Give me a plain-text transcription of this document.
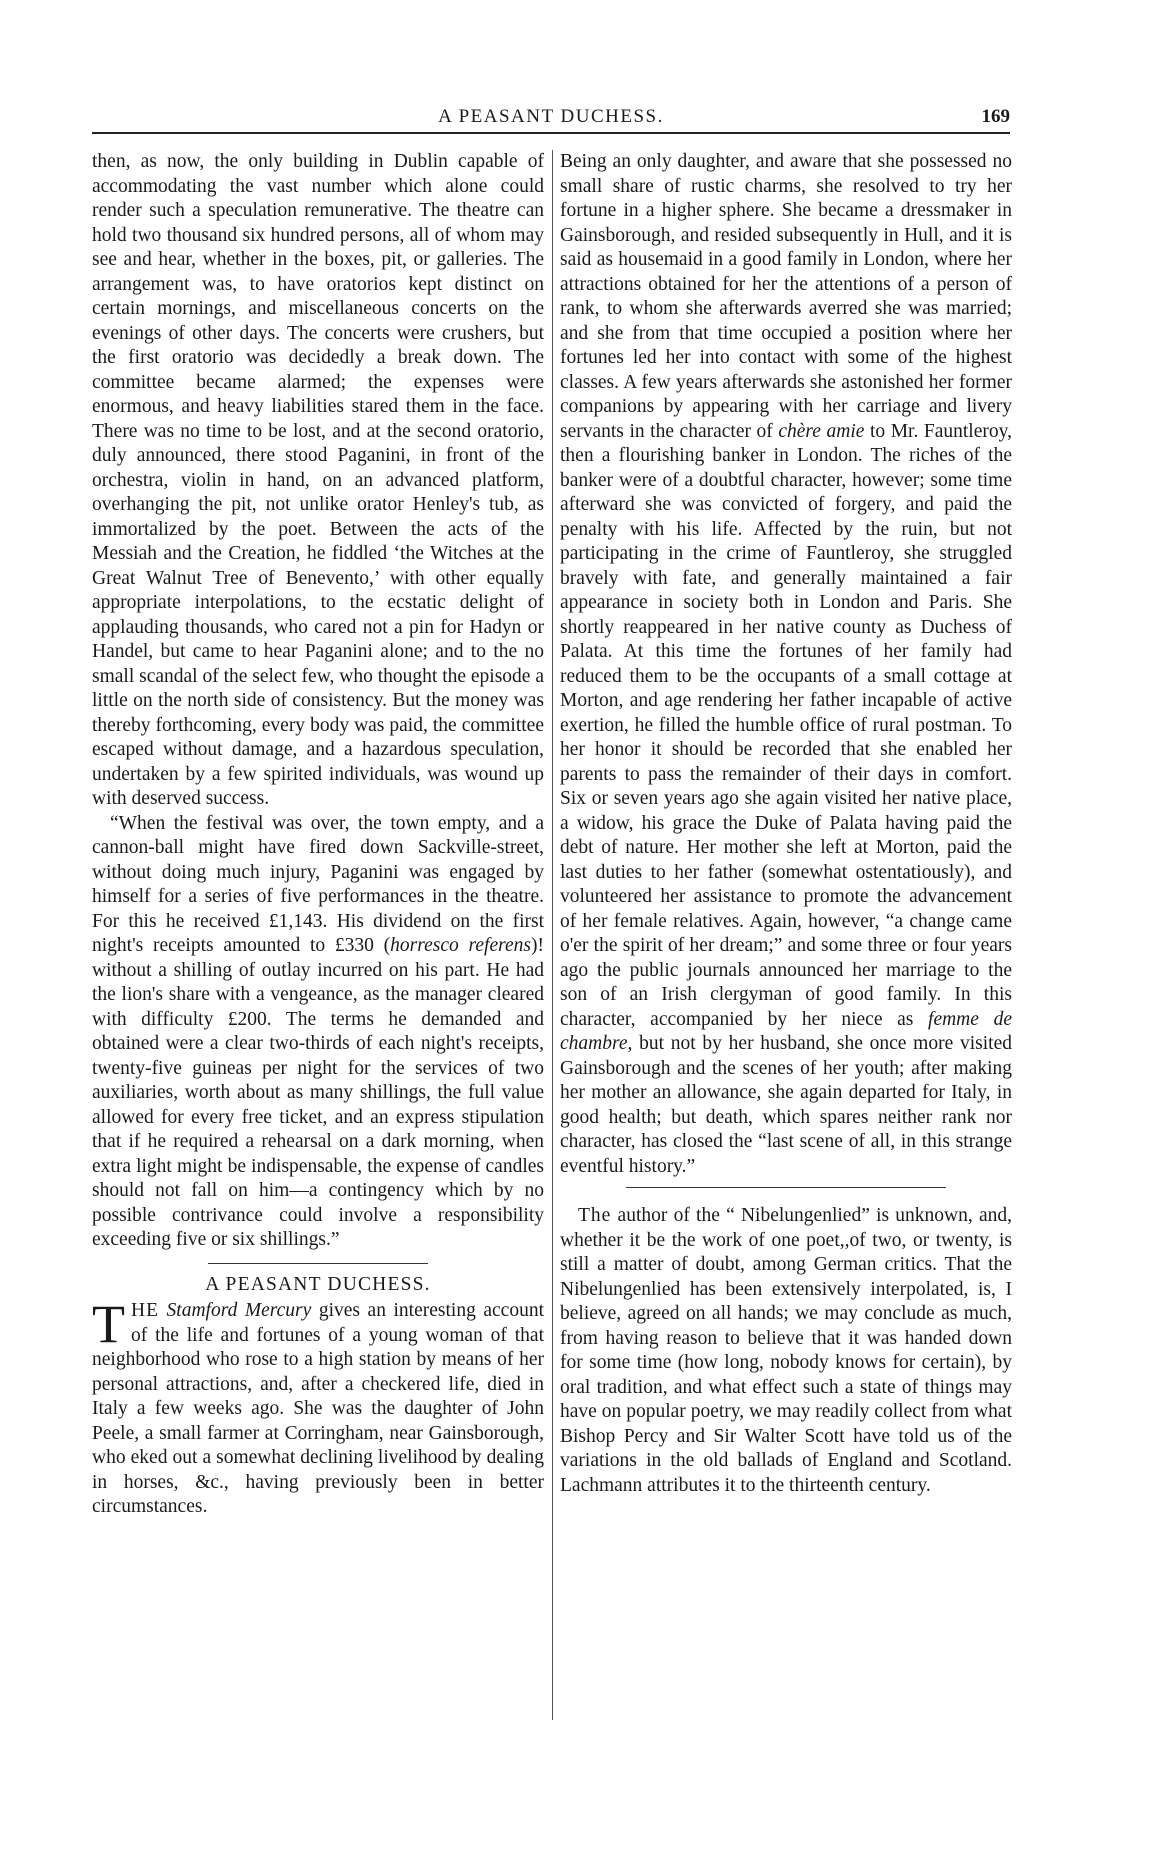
A PEASANT DUCHESS.	169

then, as now, the only building in Dublin capable of accommodating the vast number which alone could render such a speculation remunerative. The theatre can hold two thousand six hundred persons, all of whom may see and hear, whether in the boxes, pit, or galleries. The arrangement was, to have oratorios kept distinct on certain mornings, and miscellaneous concerts on the evenings of other days. The concerts were crushers, but the first oratorio was decidedly a break down. The committee became alarmed; the expenses were enormous, and heavy liabilities stared them in the face. There was no time to be lost, and at the second oratorio, duly announced, there stood Paganini, in front of the orchestra, violin in hand, on an advanced platform, overhanging the pit, not unlike orator Henley's tub, as immortalized by the poet. Between the acts of the Messiah and the Creation, he fiddled ‘the Witches at the Great Walnut Tree of Benevento,’ with other equally appropriate interpolations, to the ecstatic delight of applauding thousands, who cared not a pin for Hadyn or Handel, but came to hear Paganini alone; and to the no small scandal of the select few, who thought the episode a little on the north side of consistency. But the money was thereby forthcoming, every body was paid, the committee escaped without damage, and a hazardous speculation, undertaken by a few spirited individuals, was wound up with deserved success.

“When the festival was over, the town empty, and a cannon-ball might have fired down Sackville-street, without doing much injury, Paganini was engaged by himself for a series of five performances in the theatre. For this he received £1,143. His dividend on the first night's receipts amounted to £330 (horresco referens)! without a shilling of outlay incurred on his part. He had the lion's share with a vengeance, as the manager cleared with difficulty £200. The terms he demanded and obtained were a clear two-thirds of each night's receipts, twenty-five guineas per night for the services of two auxiliaries, worth about as many shillings, the full value allowed for every free ticket, and an express stipulation that if he required a rehearsal on a dark morning, when extra light might be indispensable, the expense of candles should not fall on him—a contingency which by no possible contrivance could involve a responsibility exceeding five or six shillings.”

A PEASANT DUCHESS.

THE Stamford Mercury gives an interesting account of the life and fortunes of a young woman of that neighborhood who rose to a high station by means of her personal attractions, and, after a checkered life, died in Italy a few weeks ago. She was the daughter of John Peele, a small farmer at Corringham, near Gainsborough, who eked out a somewhat declining livelihood by dealing in horses, &c., having previously been in better circumstances.

Being an only daughter, and aware that she possessed no small share of rustic charms, she resolved to try her fortune in a higher sphere. She became a dressmaker in Gainsborough, and resided subsequently in Hull, and it is said as housemaid in a good family in London, where her attractions obtained for her the attentions of a person of rank, to whom she afterwards averred she was married; and she from that time occupied a position where her fortunes led her into contact with some of the highest classes. A few years afterwards she astonished her former companions by appearing with her carriage and livery servants in the character of chère amie to Mr. Fauntleroy, then a flourishing banker in London. The riches of the banker were of a doubtful character, however; some time afterward she was convicted of forgery, and paid the penalty with his life. Affected by the ruin, but not participating in the crime of Fauntleroy, she struggled bravely with fate, and generally maintained a fair appearance in society both in London and Paris. She shortly reappeared in her native county as Duchess of Palata. At this time the fortunes of her family had reduced them to be the occupants of a small cottage at Morton, and age rendering her father incapable of active exertion, he filled the humble office of rural postman. To her honor it should be recorded that she enabled her parents to pass the remainder of their days in comfort. Six or seven years ago she again visited her native place, a widow, his grace the Duke of Palata having paid the debt of nature. Her mother she left at Morton, paid the last duties to her father (somewhat ostentatiously), and volunteered her assistance to promote the advancement of her female relatives. Again, however, “a change came o'er the spirit of her dream;” and some three or four years ago the public journals announced her marriage to the son of an Irish clergyman of good family. In this character, accompanied by her niece as femme de chambre, but not by her husband, she once more visited Gainsborough and the scenes of her youth; after making her mother an allowance, she again departed for Italy, in good health; but death, which spares neither rank nor character, has closed the “last scene of all, in this strange eventful history.”

The author of the “ Nibelungenlied” is unknown, and, whether it be the work of one poet,,of two, or twenty, is still a matter of doubt, among German critics. That the Nibelungenlied has been extensively interpolated, is, I believe, agreed on all hands; we may conclude as much, from having reason to believe that it was handed down for some time (how long, nobody knows for certain), by oral tradition, and what effect such a state of things may have on popular poetry, we may readily collect from what Bishop Percy and Sir Walter Scott have told us of the variations in the old ballads of England and Scotland. Lachmann attributes it to the thirteenth century.
